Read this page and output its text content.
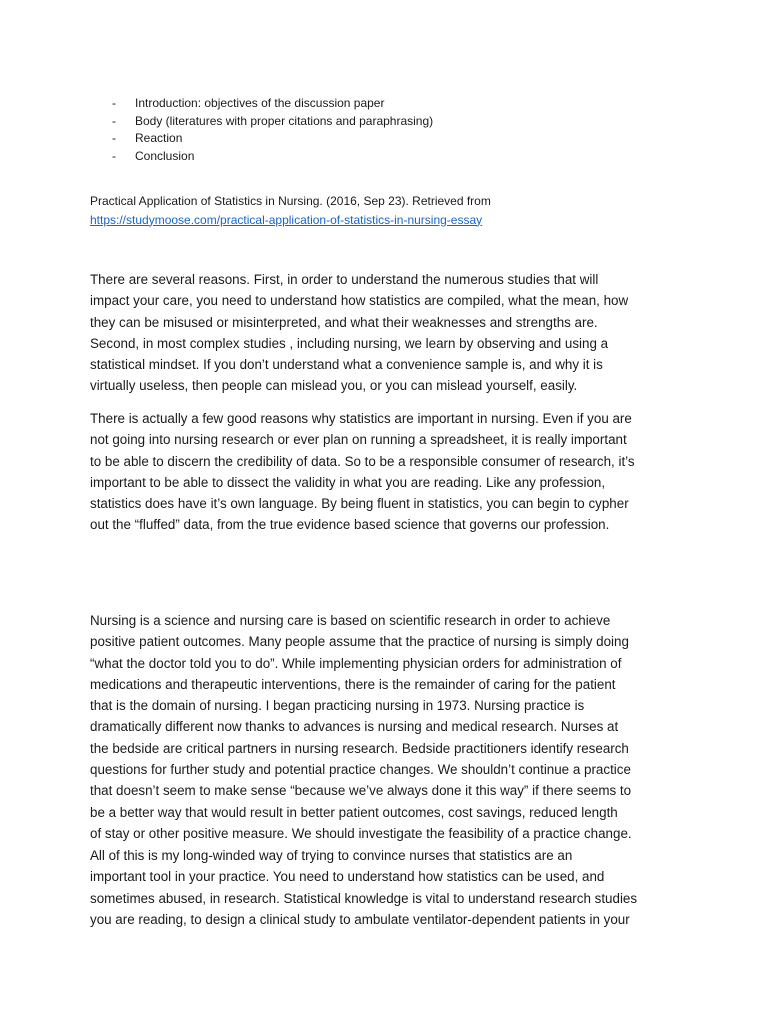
- Introduction: objectives of the discussion paper
- Body (literatures with proper citations and paraphrasing)
- Reaction
- Conclusion
Practical Application of Statistics in Nursing. (2016, Sep 23). Retrieved from
https://studymoose.com/practical-application-of-statistics-in-nursing-essay

There are several reasons. First, in order to understand the numerous studies that will
impact your care, you need to understand how statistics are compiled, what the mean, how
they can be misused or misinterpreted, and what their weaknesses and strengths are.
Second, in most complex studies , including nursing, we learn by observing and using a
statistical mindset. If you don’t understand what a convenience sample is, and why it is
virtually useless, then people can mislead you, or you can mislead yourself, easily.

There is actually a few good reasons why statistics are important in nursing. Even if you are
not going into nursing research or ever plan on running a spreadsheet, it is really important
to be able to discern the credibility of data. So to be a responsible consumer of research, it’s
important to be able to dissect the validity in what you are reading. Like any profession,
statistics does have it’s own language. By being fluent in statistics, you can begin to cypher
out the “fluffed” data, from the true evidence based science that governs our profession.

Nursing is a science and nursing care is based on scientific research in order to achieve
positive patient outcomes. Many people assume that the practice of nursing is simply doing
“what the doctor told you to do”. While implementing physician orders for administration of
medications and therapeutic interventions, there is the remainder of caring for the patient
that is the domain of nursing. I began practicing nursing in 1973. Nursing practice is
dramatically different now thanks to advances is nursing and medical research. Nurses at
the bedside are critical partners in nursing research. Bedside practitioners identify research
questions for further study and potential practice changes. We shouldn’t continue a practice
that doesn’t seem to make sense “because we’ve always done it this way” if there seems to
be a better way that would result in better patient outcomes, cost savings, reduced length
of stay or other positive measure. We should investigate the feasibility of a practice change.

All of this is my long-winded way of trying to convince nurses that statistics are an
important tool in your practice. You need to understand how statistics can be used, and
sometimes abused, in research. Statistical knowledge is vital to understand research studies
you are reading, to design a clinical study to ambulate ventilator-dependent patients in your
